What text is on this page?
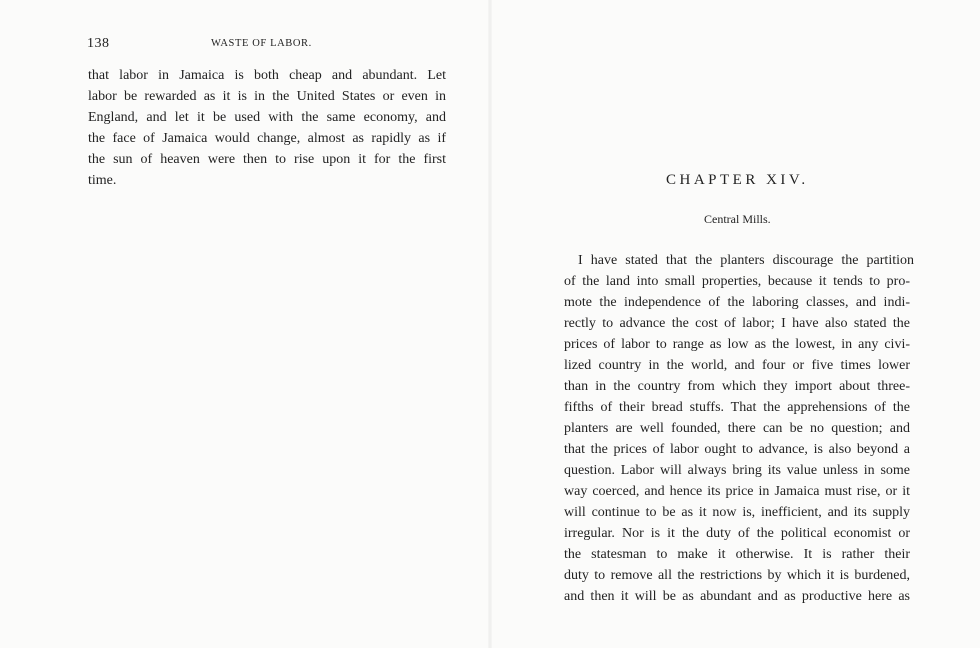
138	WASTE OF LABOR.
that labor in Jamaica is both cheap and abundant. Let
labor be rewarded as it is in the United States or even in
England, and let it be used with the same economy, and
the face of Jamaica would change, almost as rapidly as if
the sun of heaven were then to rise upon it for the first
time.	CHAPTER XIV.
Central Mills.
I have stated that the planters discourage the partition
of the land into small properties, because it tends to pro-
mote the independence of the laboring classes, and indi-
rectly to advance the cost of labor; I have also stated the
prices of labor to range as low as the lowest, in any civi-
lized country in the world, and four or five times lower
than in the country from which they import about three-
fifths of their bread stuffs. That the apprehensions of the
planters are well founded, there can be no question; and
that the prices of labor ought to advance, is also beyond a
question. Labor will always bring its value unless in some
way coerced, and hence its price in Jamaica must rise, or it
will continue to be as it now is, inefficient, and its supply
irregular. Nor is it the duty of the political economist or
the statesman to make it otherwise. It is rather their
duty to remove all the restrictions by which it is burdened,
and then it will be as abundant and as productive here as
